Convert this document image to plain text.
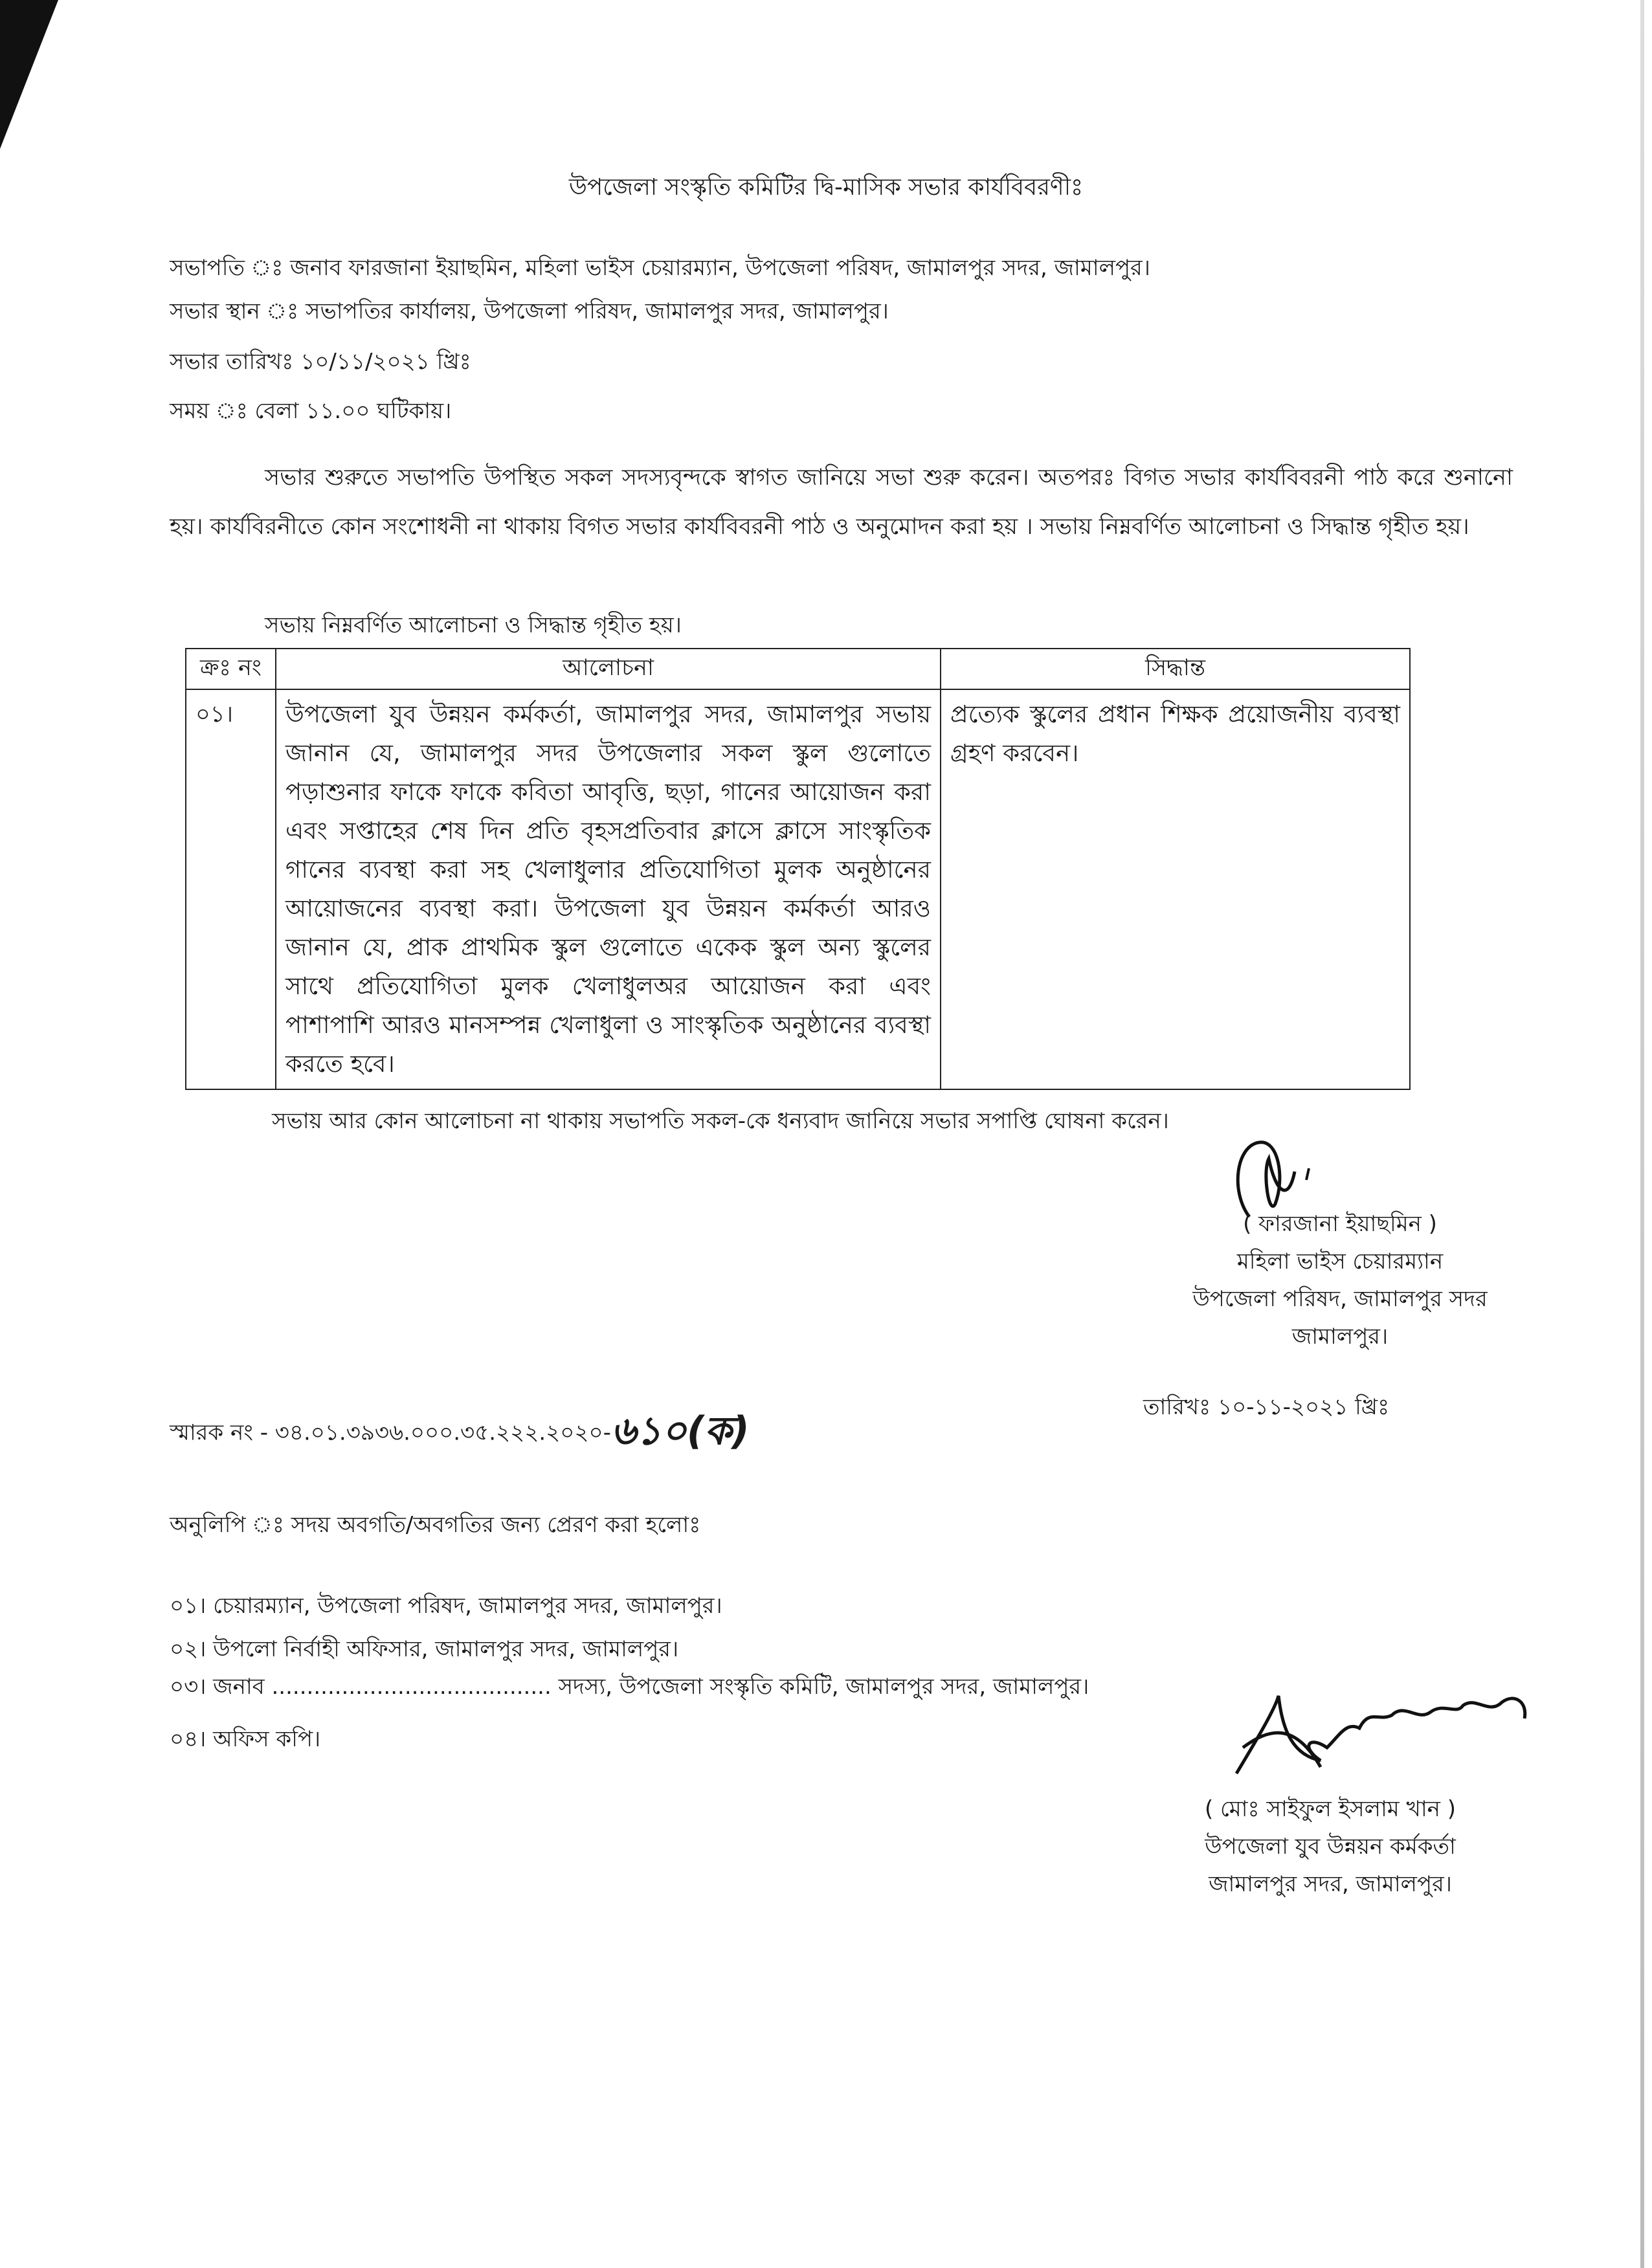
উপজেলা সংস্কৃতি কমিটির দ্বি-মাসিক সভার কার্যবিবরণীঃ
সভাপতি ঃ জনাব ফারজানা ইয়াছমিন, মহিলা ভাইস চেয়ারম্যান, উপজেলা পরিষদ, জামালপুর সদর, জামালপুর।
সভার স্থান ঃ সভাপতির কার্যালয়, উপজেলা পরিষদ, জামালপুর সদর, জামালপুর।
সভার তারিখঃ ১০/১১/২০২১ খ্রিঃ
সময় ঃ বেলা ১১.০০ ঘটিকায়।
সভার শুরুতে সভাপতি উপস্থিত সকল সদস্যবৃন্দকে স্বাগত জানিয়ে সভা শুরু করেন। অতপরঃ বিগত সভার কার্যবিবরনী পাঠ করে শুনানো হয়। কার্যবিরনীতে কোন সংশোধনী না থাকায় বিগত সভার কার্যবিবরনী পাঠ ও অনুমোদন করা হয় । সভায় নিম্নবর্ণিত আলোচনা ও সিদ্ধান্ত গৃহীত হয়।
সভায় নিম্নবর্ণিত আলোচনা ও সিদ্ধান্ত গৃহীত হয়।
ক্রঃ নং	আলোচনা	সিদ্ধান্ত
০১।	উপজেলা যুব উন্নয়ন কর্মকর্তা, জামালপুর সদর, জামালপুর সভায় জানান যে, জামালপুর সদর উপজেলার সকল স্কুল গুলোতে পড়াশুনার ফাকে ফাকে কবিতা আবৃত্তি, ছড়া, গানের আয়োজন করা এবং সপ্তাহের শেষ দিন প্রতি বৃহসপ্রতিবার ক্লাসে ক্লাসে সাংস্কৃতিক গানের ব্যবস্থা করা সহ খেলাধুলার প্রতিযোগিতা মুলক অনুষ্ঠানের আয়োজনের ব্যবস্থা করা। উপজেলা যুব উন্নয়ন কর্মকর্তা আরও জানান যে, প্রাক প্রাথমিক স্কুল গুলোতে একেক স্কুল অন্য স্কুলের সাথে প্রতিযোগিতা মুলক খেলাধুলঅর আয়োজন করা এবং পাশাপাশি আরও মানসম্পন্ন খেলাধুলা ও সাংস্কৃতিক অনুষ্ঠানের ব্যবস্থা করতে হবে।	প্রত্যেক স্কুলের প্রধান শিক্ষক প্রয়োজনীয় ব্যবস্থা গ্রহণ করবেন।
সভায় আর কোন আলোচনা না থাকায় সভাপতি সকল-কে ধন্যবাদ জানিয়ে সভার সপাপ্তি ঘোষনা করেন।
( ফারজানা ইয়াছমিন )
মহিলা ভাইস চেয়ারম্যান
উপজেলা পরিষদ, জামালপুর সদর
জামালপুর।
স্মারক নং - ৩৪.০১.৩৯৩৬.০০০.৩৫.২২২.২০২০-৬১০(ক)
তারিখঃ ১০-১১-২০২১ খ্রিঃ
অনুলিপি ঃ সদয় অবগতি/অবগতির জন্য প্রেরণ করা হলোঃ
০১। চেয়ারম্যান, উপজেলা পরিষদ, জামালপুর সদর, জামালপুর।
০২। উপলো নির্বাহী অফিসার, জামালপুর সদর, জামালপুর।
০৩। জনাব ........................................ সদস্য, উপজেলা সংস্কৃতি কমিটি, জামালপুর সদর, জামালপুর।
০৪। অফিস কপি।
( মোঃ সাইফুল ইসলাম খান )
উপজেলা যুব উন্নয়ন কর্মকর্তা
জামালপুর সদর, জামালপুর।
